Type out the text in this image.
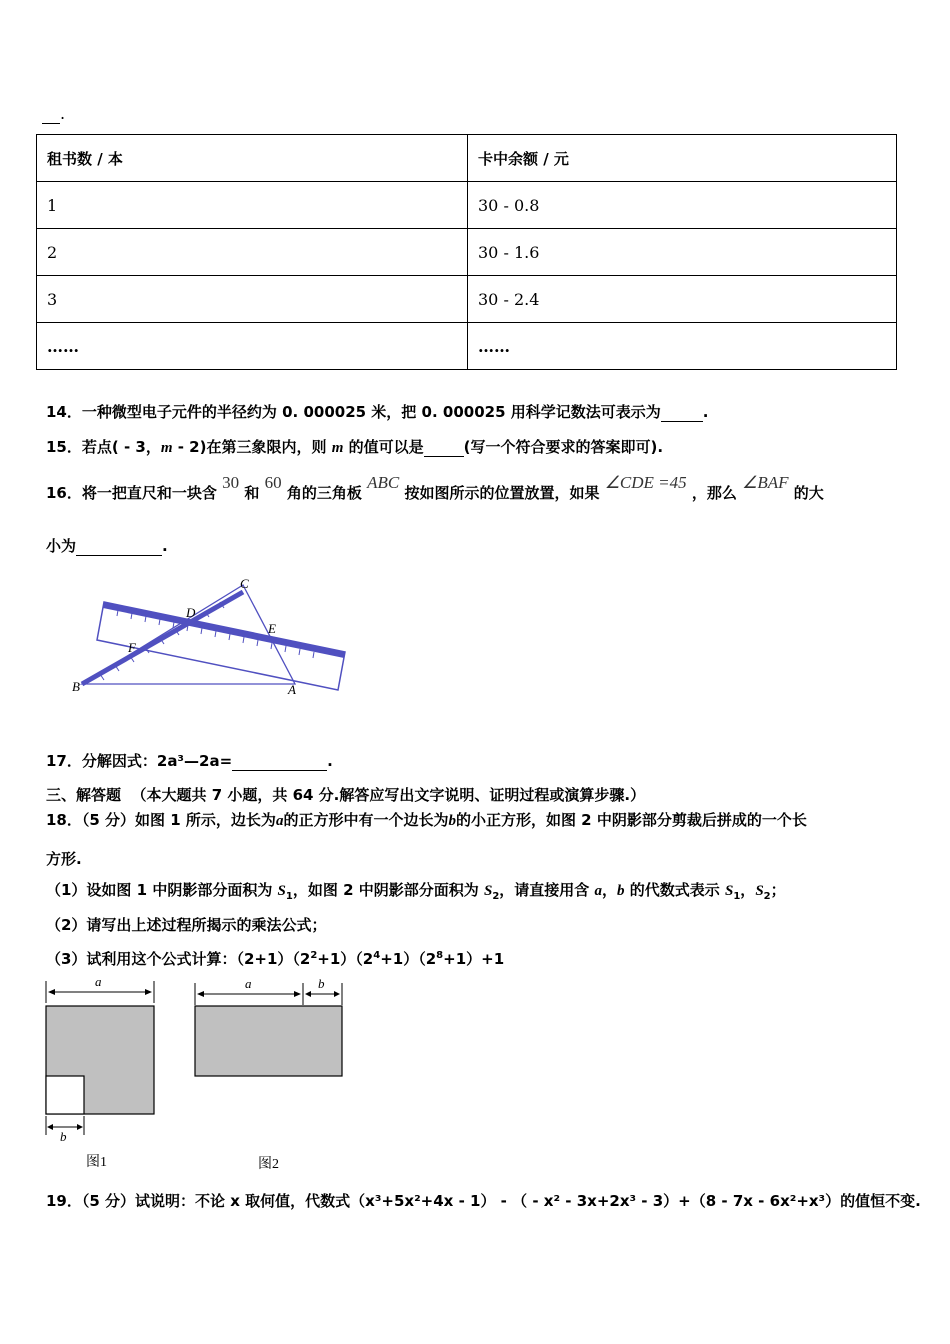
.
租书数 / 本	卡中余额 / 元
1	30 - 0.8
2	30 - 1.6
3	30 - 2.4
……	……
14．一种微型电子元件的半径约为 0. 000025 米，把 0. 000025 用科学记数法可表示为	.
15．若点( - 3，m - 2)在第三象限内，则 m 的值可以是	(写一个符合要求的答案即可).
16．将一把直尺和一块含 30 和 60 角的三角板 ABC 按如图所示的位置放置，如果 ∠CDE =45 ，那么 ∠BAF 的大
小为	.
C
D
E
F
B	A
17．分解因式：2a³—2a=	.
三、解答题 （本大题共 7 小题，共 64 分.解答应写出文字说明、证明过程或演算步骤.）
18．（5 分）如图 1 所示，边长为a的正方形中有一个边长为b的小正方形，如图 2 中阴影部分剪裁后拼成的一个长
方形.
（1）设如图 1 中阴影部分面积为 $S_1$，如图 2 中阴影部分面积为 $S_2$，请直接用含 a，b 的代数式表示 $S_1$，$S_2$；
（2）请写出上述过程所揭示的乘法公式；
（3）试利用这个公式计算：$(2+1)(2^2+1)(2^4+1)(2^8+1)+1$
a
b
图1
a	b
图2
19．（5 分）试说明：不论 x 取何值，代数式（x³+5x²+4x - 1） - （ - x² - 3x+2x³ - 3）+（8 - 7x - 6x²+x³）的值恒不变.
